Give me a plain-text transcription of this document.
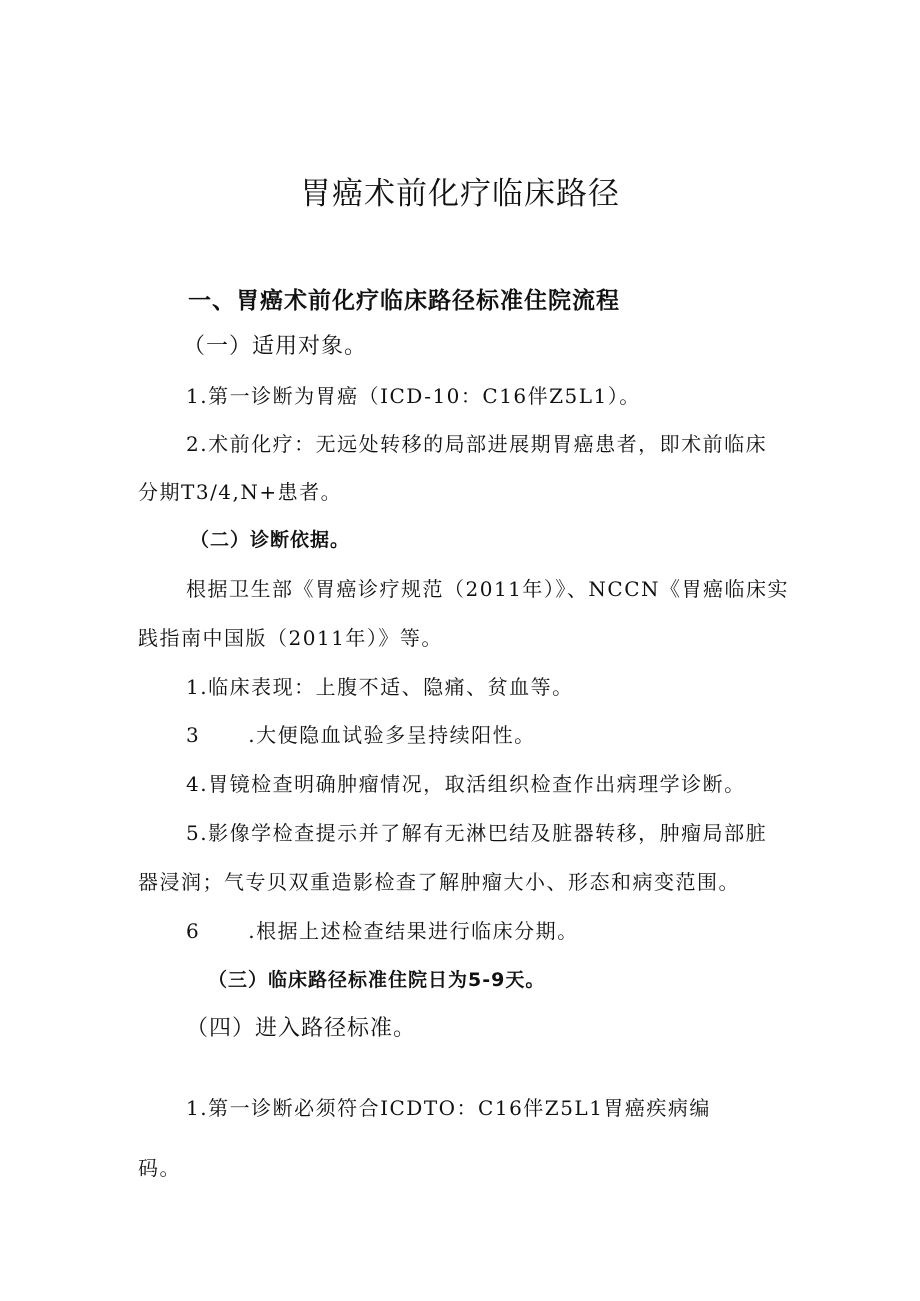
胃癌术前化疗临床路径
一、胃癌术前化疗临床路径标准住院流程
（一）适用对象。
1.第一诊断为胃癌（ICD-10：C16伴Z5L1）。
2.术前化疗：无远处转移的局部进展期胃癌患者，即术前临床
分期T3/4,N+患者。
（二）诊断依据。
根据卫生部《胃癌诊疗规范（2011年）》、NCCN《胃癌临床实
践指南中国版（2011年）》等。
1.临床表现：上腹不适、隐痛、贫血等。
3 .大便隐血试验多呈持续阳性。
4.胃镜检查明确肿瘤情况，取活组织检查作出病理学诊断。
5.影像学检查提示并了解有无淋巴结及脏器转移，肿瘤局部脏
器浸润；气专贝双重造影检查了解肿瘤大小、形态和病变范围。
6 .根据上述检查结果进行临床分期。
（三）临床路径标准住院日为5-9天。
（四）进入路径标准。
1.第一诊断必须符合ICDTO：C16伴Z5L1胃癌疾病编
码。
